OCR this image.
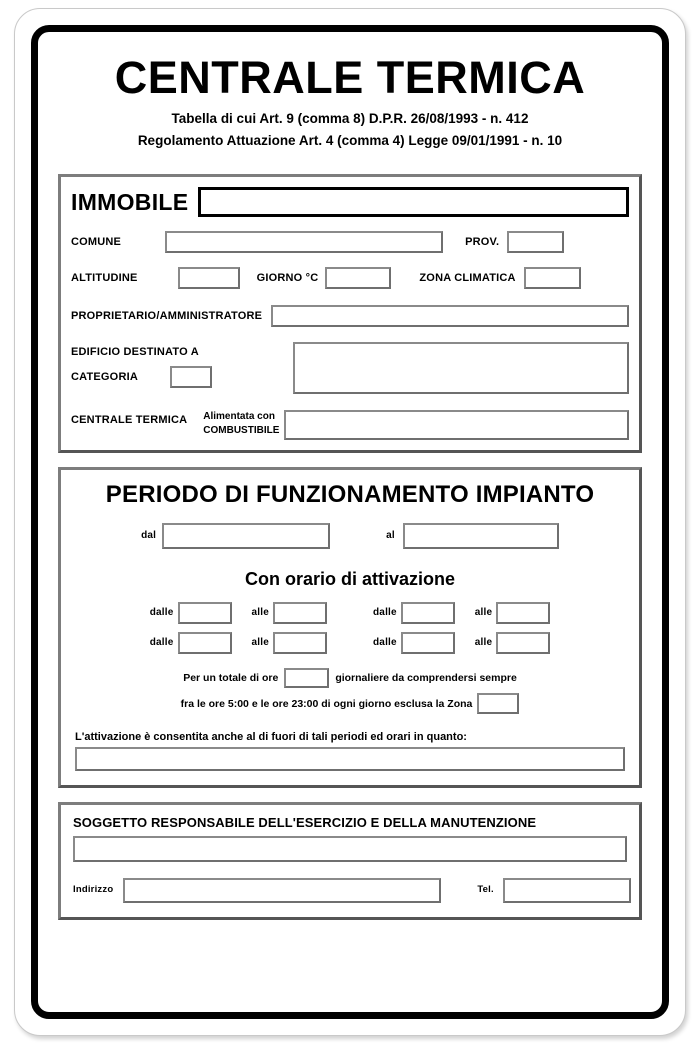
CENTRALE TERMICA
Tabella di cui Art. 9 (comma 8) D.P.R. 26/08/1993 - n. 412
Regolamento Attuazione Art. 4 (comma 4) Legge 09/01/1991 - n. 10
IMMOBILE
COMUNE	PROV.
ALTITUDINE	GIORNO °C	ZONA CLIMATICA
PROPRIETARIO/AMMINISTRATORE
EDIFICIO DESTINATO A
CATEGORIA
CENTRALE TERMICA Alimentata con
COMBUSTIBILE
PERIODO DI FUNZIONAMENTO IMPIANTO
dal	al
Con orario di attivazione
dalle	alle	dalle	alle
dalle	alle	dalle	alle
Per un totale di ore	giornaliere da comprendersi sempre
fra le ore 5:00 e le ore 23:00 di ogni giorno esclusa la Zona
L'attivazione è consentita anche al di fuori di tali periodi ed orari in quanto:
SOGGETTO RESPONSABILE DELL'ESERCIZIO E DELLA MANUTENZIONE
Indirizzo	Tel.
